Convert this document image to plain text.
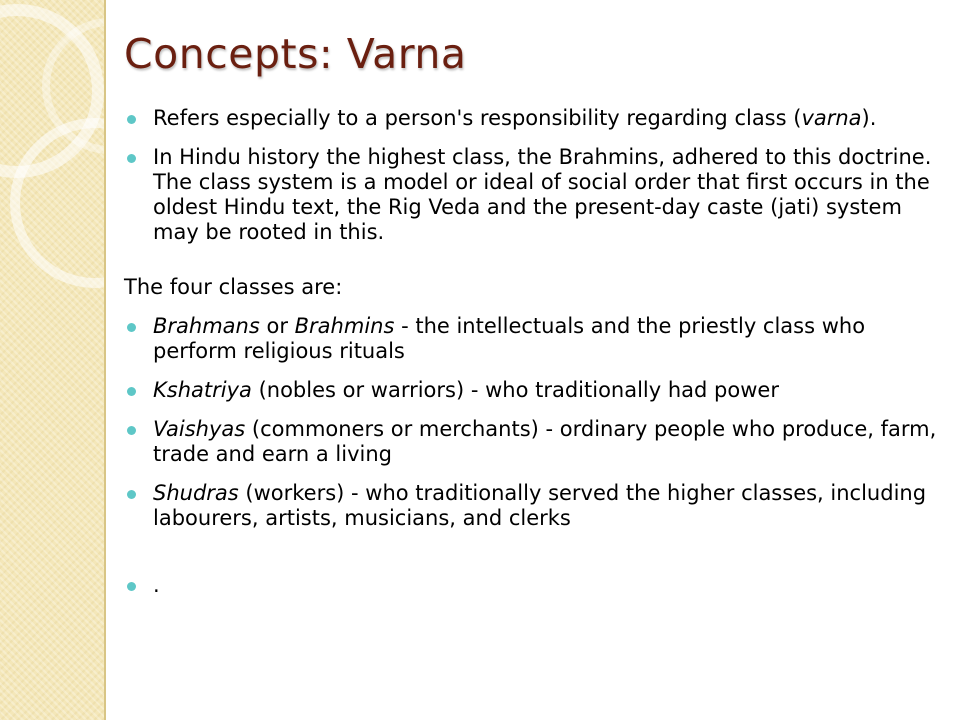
Concepts: Varna
Refers especially to a person's responsibility regarding class (varna).
In Hindu history the highest class, the Brahmins, adhered to this doctrine. The class system is a model or ideal of social order that first occurs in the oldest Hindu text, the Rig Veda and the present-day caste (jati) system may be rooted in this.

The four classes are:

Brahmans or Brahmins - the intellectuals and the priestly class who perform religious rituals
Kshatriya (nobles or warriors) - who traditionally had power
Vaishyas (commoners or merchants) - ordinary people who produce, farm, trade and earn a living
Shudras (workers) - who traditionally served the higher classes, including labourers, artists, musicians, and clerks
.
